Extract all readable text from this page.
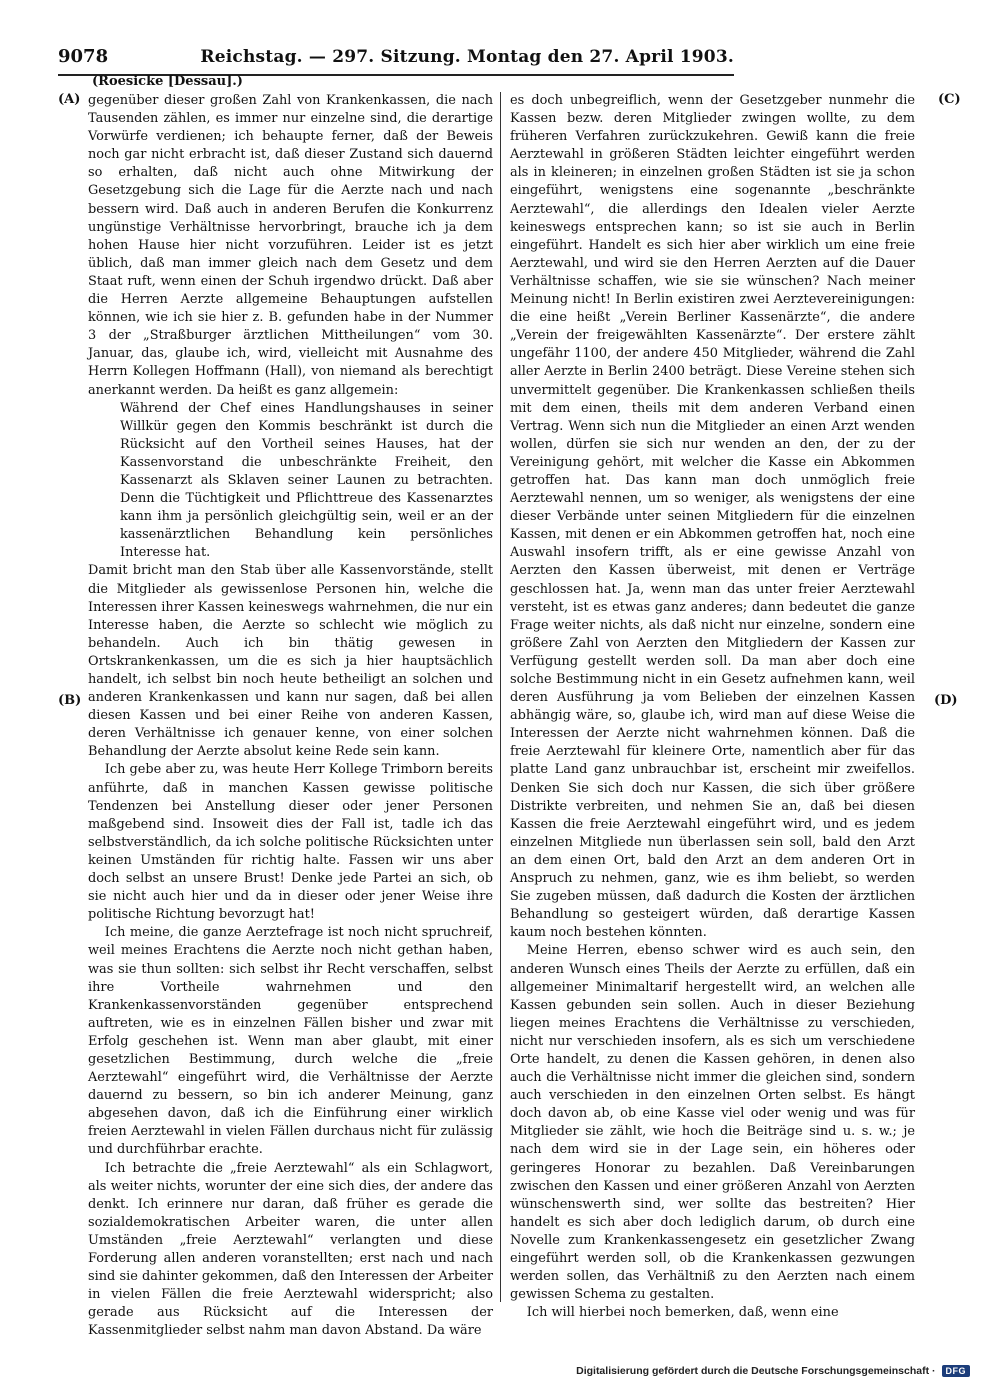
9078	Reichstag. — 297. Sitzung. Montag den 27. April 1903.
(Roesicke [Dessau].)
(A)
(B)
(C)
(D)

gegenüber dieser großen Zahl von Krankenkassen, die nach Tausenden zählen, es immer nur einzelne sind, die derartige Vorwürfe verdienen; ich behaupte ferner, daß der Beweis noch gar nicht erbracht ist, daß dieser Zustand sich dauernd so erhalten, daß nicht auch ohne Mitwirkung der Gesetzgebung sich die Lage für die Aerzte nach und nach bessern wird. Daß auch in anderen Berufen die Konkurrenz ungünstige Verhältnisse hervorbringt, brauche ich ja dem hohen Hause hier nicht vorzuführen. Leider ist es jetzt üblich, daß man immer gleich nach dem Gesetz und dem Staat ruft, wenn einen der Schuh irgendwo drückt. Daß aber die Herren Aerzte allgemeine Behauptungen aufstellen können, wie ich sie hier z. B. gefunden habe in der Nummer 3 der „Straßburger ärztlichen Mittheilungen“ vom 30. Januar, das, glaube ich, wird, vielleicht mit Ausnahme des Herrn Kollegen Hoffmann (Hall), von niemand als berechtigt anerkannt werden. Da heißt es ganz allgemein:

Während der Chef eines Handlungshauses in seiner Willkür gegen den Kommis beschränkt ist durch die Rücksicht auf den Vortheil seines Hauses, hat der Kassenvorstand die unbeschränkte Freiheit, den Kassenarzt als Sklaven seiner Launen zu betrachten. Denn die Tüchtigkeit und Pflichttreue des Kassenarztes kann ihm ja persönlich gleichgültig sein, weil er an der kassenärztlichen Behandlung kein persönliches Interesse hat.

Damit bricht man den Stab über alle Kassenvorstände, stellt die Mitglieder als gewissenlose Personen hin, welche die Interessen ihrer Kassen keineswegs wahrnehmen, die nur ein Interesse haben, die Aerzte so schlecht wie möglich zu behandeln. Auch ich bin thätig gewesen in Ortskrankenkassen, um die es sich ja hier hauptsächlich handelt, ich selbst bin noch heute betheiligt an solchen und anderen Krankenkassen und kann nur sagen, daß bei allen diesen Kassen und bei einer Reihe von anderen Kassen, deren Verhältnisse ich genauer kenne, von einer solchen Behandlung der Aerzte absolut keine Rede sein kann.

Ich gebe aber zu, was heute Herr Kollege Trimborn bereits anführte, daß in manchen Kassen gewisse politische Tendenzen bei Anstellung dieser oder jener Personen maßgebend sind. Insoweit dies der Fall ist, tadle ich das selbstverständlich, da ich solche politische Rücksichten unter keinen Umständen für richtig halte. Fassen wir uns aber doch selbst an unsere Brust! Denke jede Partei an sich, ob sie nicht auch hier und da in dieser oder jener Weise ihre politische Richtung bevorzugt hat!

Ich meine, die ganze Aerztefrage ist noch nicht spruchreif, weil meines Erachtens die Aerzte noch nicht gethan haben, was sie thun sollten: sich selbst ihr Recht verschaffen, selbst ihre Vortheile wahrnehmen und den Krankenkassenvorständen gegenüber entsprechend auftreten, wie es in einzelnen Fällen bisher und zwar mit Erfolg geschehen ist. Wenn man aber glaubt, mit einer gesetzlichen Bestimmung, durch welche die „freie Aerztewahl“ eingeführt wird, die Verhältnisse der Aerzte dauernd zu bessern, so bin ich anderer Meinung, ganz abgesehen davon, daß ich die Einführung einer wirklich freien Aerztewahl in vielen Fällen durchaus nicht für zulässig und durchführbar erachte.

Ich betrachte die „freie Aerztewahl“ als ein Schlagwort, als weiter nichts, worunter der eine sich dies, der andere das denkt. Ich erinnere nur daran, daß früher es gerade die sozialdemokratischen Arbeiter waren, die unter allen Umständen „freie Aerztewahl“ verlangten und diese Forderung allen anderen voranstellten; erst nach und nach sind sie dahinter gekommen, daß den Interessen der Arbeiter in vielen Fällen die freie Aerztewahl widerspricht; also gerade aus Rücksicht auf die Interessen der Kassenmitglieder selbst nahm man davon Abstand. Da wäre

es doch unbegreiflich, wenn der Gesetzgeber nunmehr die Kassen bezw. deren Mitglieder zwingen wollte, zu dem früheren Verfahren zurückzukehren. Gewiß kann die freie Aerztewahl in größeren Städten leichter eingeführt werden als in kleineren; in einzelnen großen Städten ist sie ja schon eingeführt, wenigstens eine sogenannte „beschränkte Aerztewahl“, die allerdings den Idealen vieler Aerzte keineswegs entsprechen kann; so ist sie auch in Berlin eingeführt. Handelt es sich hier aber wirklich um eine freie Aerztewahl, und wird sie den Herren Aerzten auf die Dauer Verhältnisse schaffen, wie sie sie wünschen? Nach meiner Meinung nicht! In Berlin existiren zwei Aerztevereinigungen: die eine heißt „Verein Berliner Kassenärzte“, die andere „Verein der freigewählten Kassenärzte“. Der erstere zählt ungefähr 1100, der andere 450 Mitglieder, während die Zahl aller Aerzte in Berlin 2400 beträgt. Diese Vereine stehen sich unvermittelt gegenüber. Die Krankenkassen schließen theils mit dem einen, theils mit dem anderen Verband einen Vertrag. Wenn sich nun die Mitglieder an einen Arzt wenden wollen, dürfen sie sich nur wenden an den, der zu der Vereinigung gehört, mit welcher die Kasse ein Abkommen getroffen hat. Das kann man doch unmöglich freie Aerztewahl nennen, um so weniger, als wenigstens der eine dieser Verbände unter seinen Mitgliedern für die einzelnen Kassen, mit denen er ein Abkommen getroffen hat, noch eine Auswahl insofern trifft, als er eine gewisse Anzahl von Aerzten den Kassen überweist, mit denen er Verträge geschlossen hat. Ja, wenn man das unter freier Aerztewahl versteht, ist es etwas ganz anderes; dann bedeutet die ganze Frage weiter nichts, als daß nicht nur einzelne, sondern eine größere Zahl von Aerzten den Mitgliedern der Kassen zur Verfügung gestellt werden soll. Da man aber doch eine solche Bestimmung nicht in ein Gesetz aufnehmen kann, weil deren Ausführung ja vom Belieben der einzelnen Kassen abhängig wäre, so, glaube ich, wird man auf diese Weise die Interessen der Aerzte nicht wahrnehmen können. Daß die freie Aerztewahl für kleinere Orte, namentlich aber für das platte Land ganz unbrauchbar ist, erscheint mir zweifellos. Denken Sie sich doch nur Kassen, die sich über größere Distrikte verbreiten, und nehmen Sie an, daß bei diesen Kassen die freie Aerztewahl eingeführt wird, und es jedem einzelnen Mitgliede nun überlassen sein soll, bald den Arzt an dem einen Ort, bald den Arzt an dem anderen Ort in Anspruch zu nehmen, ganz, wie es ihm beliebt, so werden Sie zugeben müssen, daß dadurch die Kosten der ärztlichen Behandlung so gesteigert würden, daß derartige Kassen kaum noch bestehen könnten.

Meine Herren, ebenso schwer wird es auch sein, den anderen Wunsch eines Theils der Aerzte zu erfüllen, daß ein allgemeiner Minimaltarif hergestellt wird, an welchen alle Kassen gebunden sein sollen. Auch in dieser Beziehung liegen meines Erachtens die Verhältnisse zu verschieden, nicht nur verschieden insofern, als es sich um verschiedene Orte handelt, zu denen die Kassen gehören, in denen also auch die Verhältnisse nicht immer die gleichen sind, sondern auch verschieden in den einzelnen Orten selbst. Es hängt doch davon ab, ob eine Kasse viel oder wenig und was für Mitglieder sie zählt, wie hoch die Beiträge sind u. s. w.; je nach dem wird sie in der Lage sein, ein höheres oder geringeres Honorar zu bezahlen. Daß Vereinbarungen zwischen den Kassen und einer größeren Anzahl von Aerzten wünschenswerth sind, wer sollte das bestreiten? Hier handelt es sich aber doch lediglich darum, ob durch eine Novelle zum Krankenkassengesetz ein gesetzlicher Zwang eingeführt werden soll, ob die Krankenkassen gezwungen werden sollen, das Verhältniß zu den Aerzten nach einem gewissen Schema zu gestalten.

Ich will hierbei noch bemerken, daß, wenn eine

Digitalisierung gefördert durch die Deutsche Forschungsgemeinschaft ·	DFG
